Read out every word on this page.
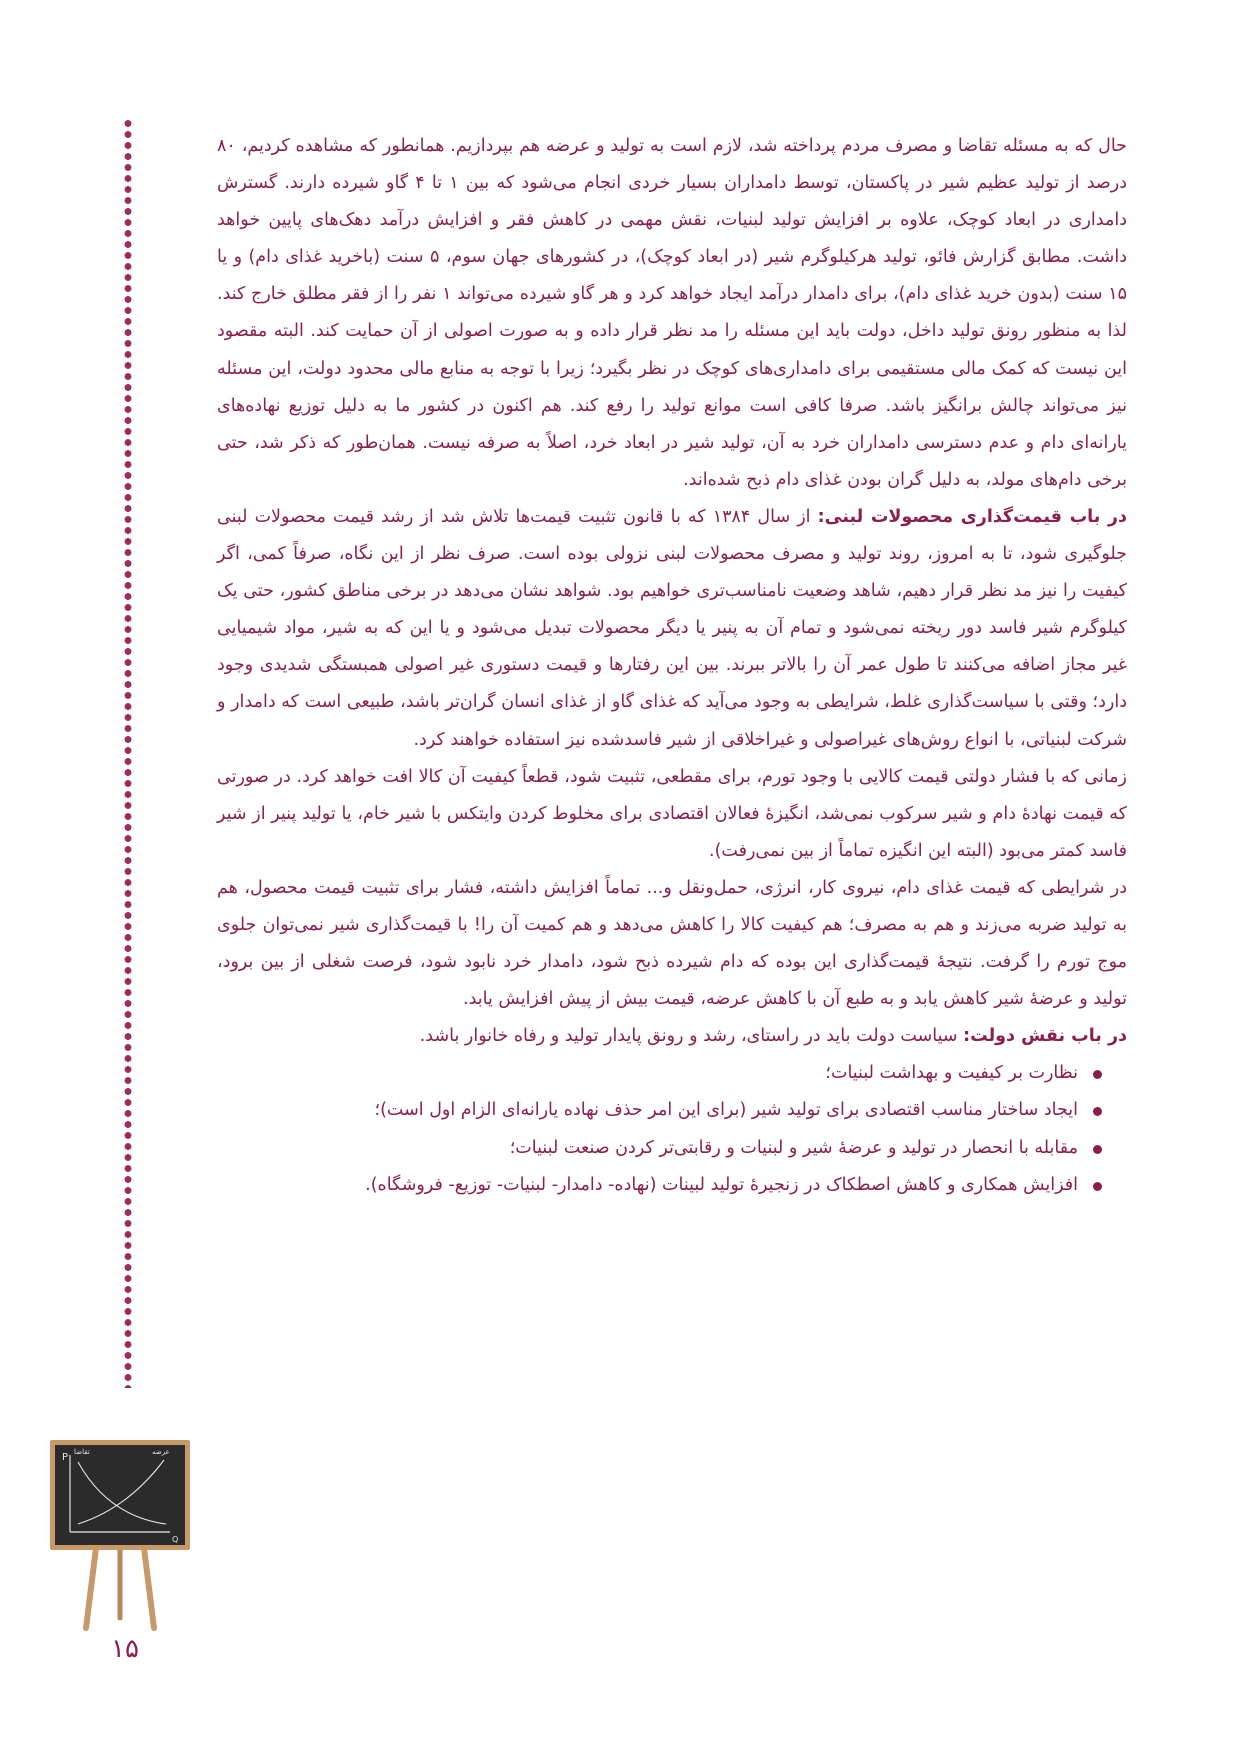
حال که به مسئله تقاضا و مصرف مردم پرداخته شد، لازم است به تولید و عرضه هم بپردازیم. همانطور که مشاهده کردیم، ۸۰ درصد از تولید عظیم شیر در پاکستان، توسط دامداران بسیار خردی انجام می‌شود که بین ۱ تا ۴ گاو شیرده دارند. گسترش دامداری در ابعاد کوچک، علاوه بر افزایش تولید لبنیات، نقش مهمی در کاهش فقر و افزایش درآمد دهک‌های پایین خواهد داشت. مطابق گزارش فائو، تولید هرکیلوگرم شیر (در ابعاد کوچک)، در کشورهای جهان سوم، ۵ سنت (باخرید غذای دام) و یا ۱۵ سنت (بدون خرید غذای دام)، برای دامدار درآمد ایجاد خواهد کرد و هر گاو شیرده می‌تواند ۱ نفر را از فقر مطلق خارج کند. لذا به منظور رونق تولید داخل، دولت باید این مسئله را مد نظر قرار داده و به صورت اصولی از آن حمایت کند. البته مقصود این نیست که کمک مالی مستقیمی برای دامداری‌های کوچک در نظر بگیرد؛ زیرا با توجه به منابع مالی محدود دولت، این مسئله نیز می‌تواند چالش برانگیز باشد. صرفا کافی است موانع تولید را رفع کند. هم اکنون در کشور ما به دلیل توزیع نهاده‌های یارانه‌ای دام و عدم دسترسی دامداران خرد به آن، تولید شیر در ابعاد خرد، اصلاً به صرفه نیست. همان‌طور که ذکر شد، حتی برخی دام‌های مولد، به دلیل گران بودن غذای دام ذبح شده‌اند.

در باب قیمت‌گذاری محصولات لبنی: از سال ۱۳۸۴ که با قانون تثبیت قیمت‌ها تلاش شد از رشد قیمت محصولات لبنی جلوگیری شود، تا به امروز، روند تولید و مصرف محصولات لبنی نزولی بوده است. صرف نظر از این نگاه، صرفاً کمی، اگر کیفیت را نیز مد نظر قرار دهیم، شاهد وضعیت نامناسب‌تری خواهیم بود. شواهد نشان می‌دهد در برخی مناطق کشور، حتی یک کیلوگرم شیر فاسد دور ریخته نمی‌شود و تمام آن به پنیر یا دیگر محصولات تبدیل می‌شود و یا این که به شیر، مواد شیمیایی غیر مجاز اضافه می‌کنند تا طول عمر آن را بالاتر ببرند. بین این رفتارها و قیمت دستوری غیر اصولی همبستگی شدیدی وجود دارد؛ وقتی با سیاست‌گذاری غلط، شرایطی به وجود می‌آید که غذای گاو از غذای انسان گران‌تر باشد، طبیعی است که دامدار و شرکت لبنیاتی، با انواع روش‌های غیراصولی و غیراخلاقی از شیر فاسدشده نیز استفاده خواهند کرد.

زمانی که با فشار دولتی قیمت کالایی با وجود تورم، برای مقطعی، تثبیت شود، قطعاً کیفیت آن کالا افت خواهد کرد. در صورتی که قیمت نهادهٔ دام و شیر سرکوب نمی‌شد، انگیزهٔ فعالان اقتصادی برای مخلوط کردن وایتکس با شیر خام، یا تولید پنیر از شیر فاسد کمتر می‌بود (البته این انگیزه تماماً از بین نمی‌رفت).

در شرایطی که قیمت غذای دام، نیروی کار، انرژی، حمل‌ونقل و... تماماً افزایش داشته، فشار برای تثبیت قیمت محصول، هم به تولید ضربه می‌زند و هم به مصرف؛ هم کیفیت کالا را کاهش می‌دهد و هم کمیت آن را! با قیمت‌گذاری شیر نمی‌توان جلوی موج تورم را گرفت. نتیجهٔ قیمت‌گذاری این بوده که دام شیرده ذبح شود، دامدار خرد نابود شود، فرصت شغلی از بین برود، تولید و عرضهٔ شیر کاهش یابد و به طبع آن با کاهش عرضه، قیمت بیش از پیش افزایش یابد.

در باب نقش دولت: سیاست دولت باید در راستای، رشد و رونق پایدار تولید و رفاه خانوار باشد.

نظارت بر کیفیت و بهداشت لبنیات؛
ایجاد ساختار مناسب اقتصادی برای تولید شیر (برای این امر حذف نهاده یارانه‌ای الزام اول است)؛
مقابله با انحصار در تولید و عرضهٔ شیر و لبنیات و رقابتی‌تر کردن صنعت لبنیات؛
افزایش همکاری و کاهش اصطکاک در زنجیرهٔ تولید لبینات (نهاده- دامدار- لبنیات- توزیع- فروشگاه).
P تقاضا	عرضه
Q
۱۵
